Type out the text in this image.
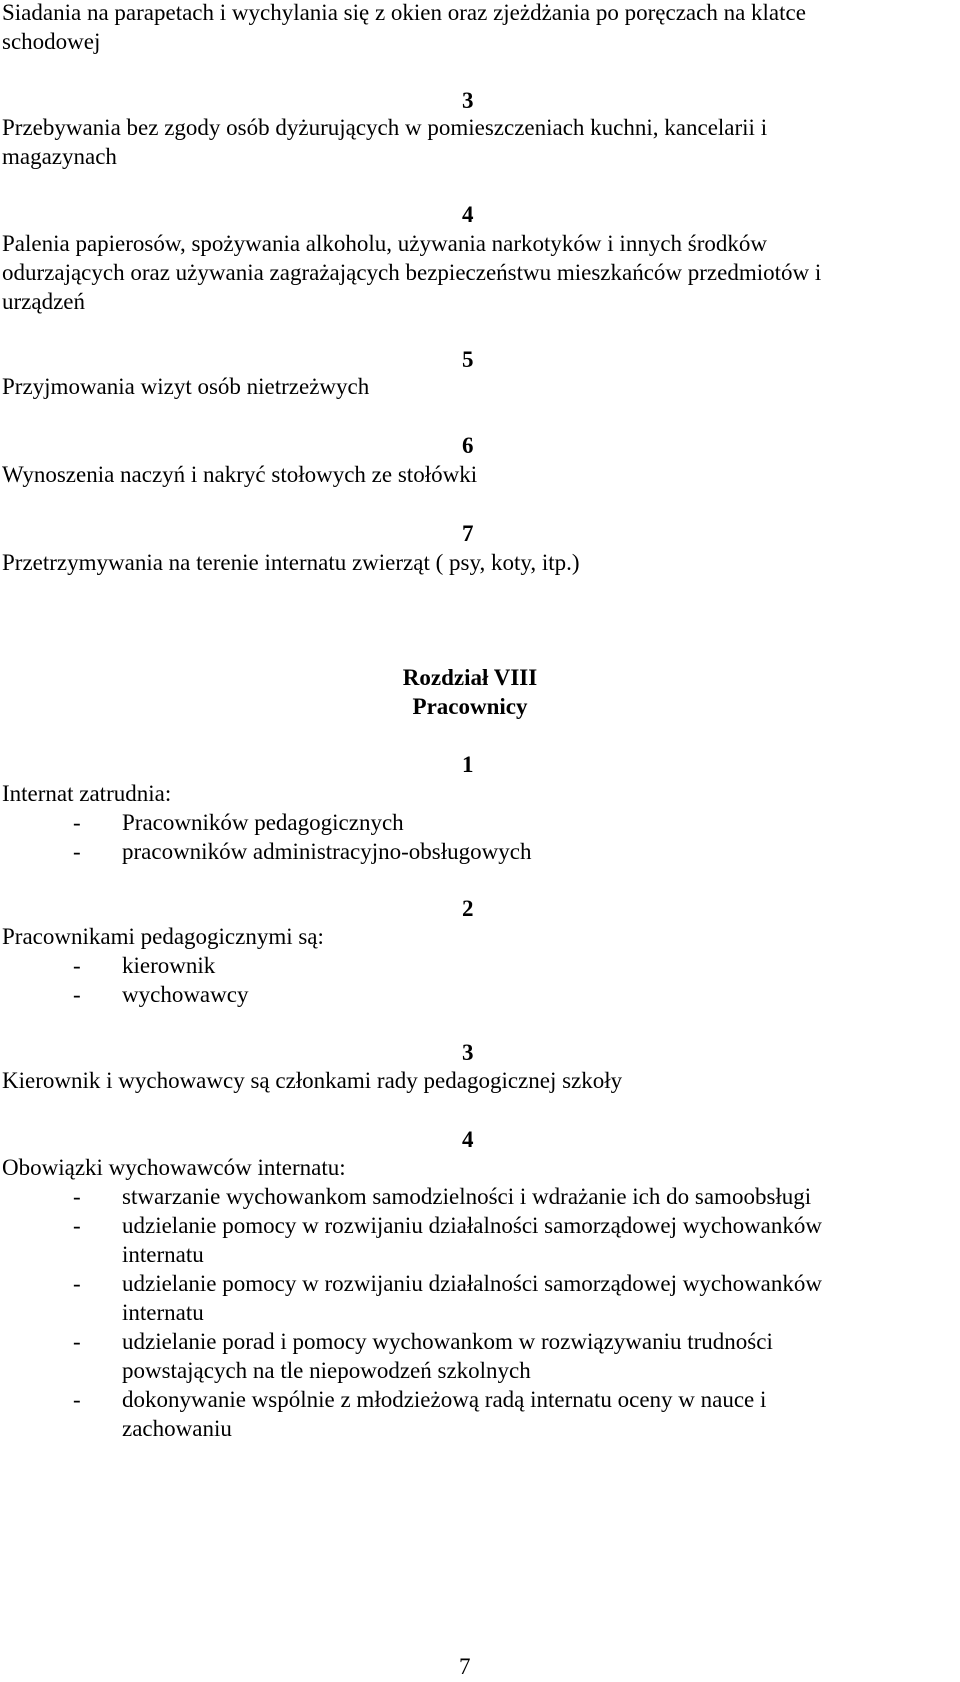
Siadania na parapetach i wychylania się z okien oraz zjeżdżania po poręczach na klatce
schodowej
3
Przebywania bez zgody osób dyżurujących w pomieszczeniach kuchni, kancelarii i
magazynach
4
Palenia papierosów, spożywania alkoholu, używania narkotyków i innych środków
odurzających oraz używania zagrażających bezpieczeństwu mieszkańców przedmiotów i
urządzeń
5
Przyjmowania wizyt osób nietrzeżwych
6
Wynoszenia naczyń i nakryć stołowych ze stołówki
7
Przetrzymywania na terenie internatu zwierząt ( psy, koty, itp.)
Rozdział VIII
Pracownicy
1
Internat zatrudnia:
- Pracowników pedagogicznych
- pracowników administracyjno-obsługowych
2
Pracownikami pedagogicznymi są:
- kierownik
- wychowawcy
3
Kierownik i wychowawcy są członkami rady pedagogicznej szkoły
4
Obowiązki wychowawców internatu:
- stwarzanie wychowankom samodzielności i wdrażanie ich do samoobsługi
- udzielanie pomocy w rozwijaniu działalności samorządowej wychowanków
internatu
- udzielanie pomocy w rozwijaniu działalności samorządowej wychowanków
internatu
- udzielanie porad i pomocy wychowankom w rozwiązywaniu trudności
powstających na tle niepowodzeń szkolnych
- dokonywanie wspólnie z młodzieżową radą internatu oceny w nauce i
zachowaniu
7
